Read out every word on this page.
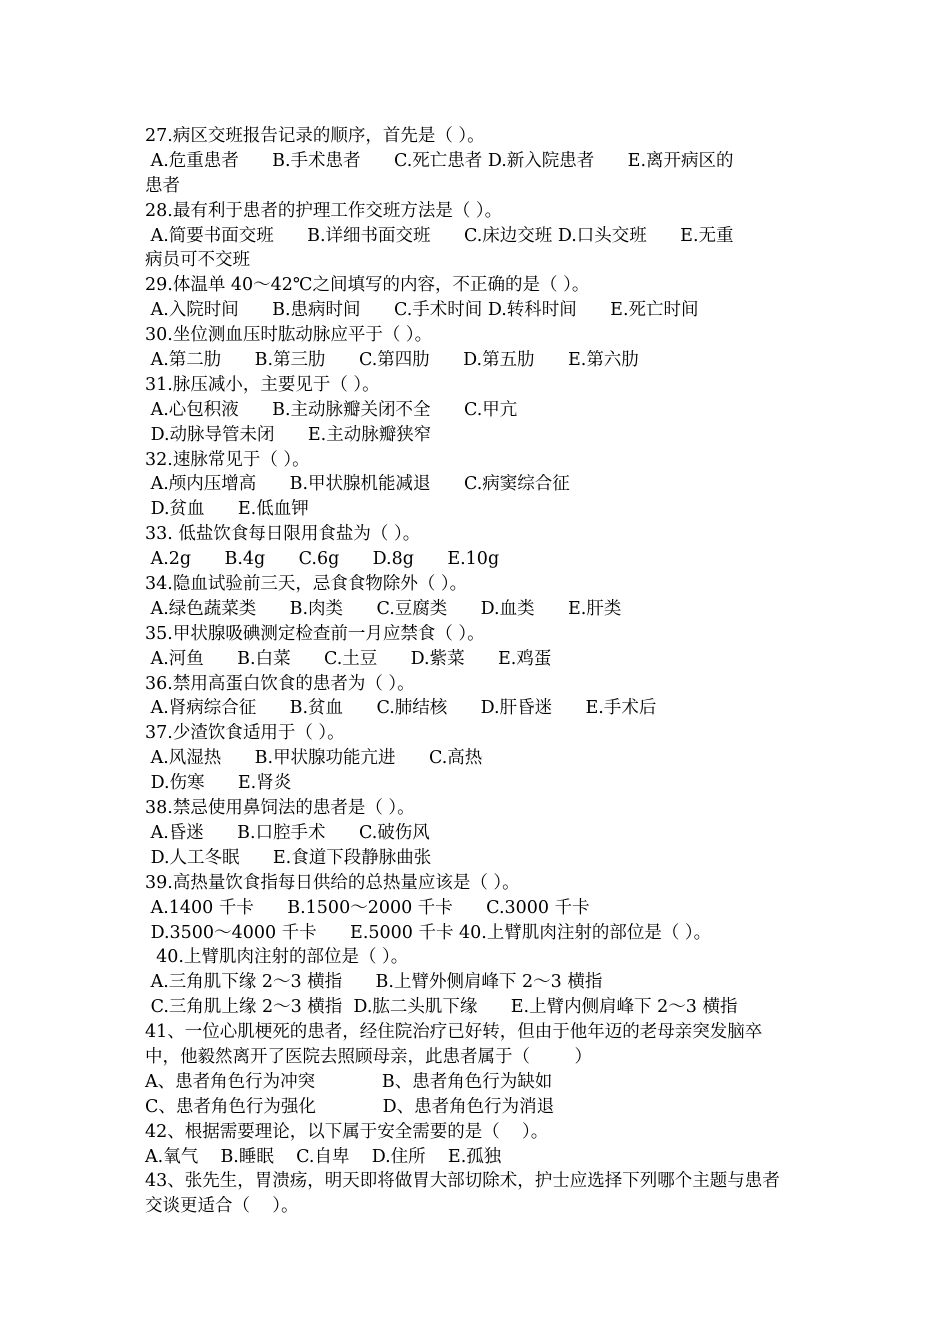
27.病区交班报告记录的顺序，首先是（ ）。
A.危重患者      B.手术患者      C.死亡患者 D.新入院患者      E.离开病区的
患者
28.最有利于患者的护理工作交班方法是（ ）。
A.简要书面交班      B.详细书面交班      C.床边交班 D.口头交班      E.无重
病员可不交班
29.体温单 40～42℃之间填写的内容，不正确的是（ ）。
A.入院时间      B.患病时间      C.手术时间 D.转科时间      E.死亡时间
30.坐位测血压时肱动脉应平于（ ）。
A.第二肋      B.第三肋      C.第四肋      D.第五肋      E.第六肋
31.脉压减小，主要见于（ ）。
A.心包积液      B.主动脉瓣关闭不全      C.甲亢
D.动脉导管未闭      E.主动脉瓣狭窄
32.速脉常见于（ ）。
A.颅内压增高      B.甲状腺机能减退      C.病窦综合征
D.贫血      E.低血钾
33. 低盐饮食每日限用食盐为（ ）。
A.2g      B.4g      C.6g      D.8g      E.10g
34.隐血试验前三天，忌食食物除外（ ）。
A.绿色蔬菜类      B.肉类      C.豆腐类      D.血类      E.肝类
35.甲状腺吸碘测定检查前一月应禁食（ ）。
A.河鱼      B.白菜      C.土豆      D.紫菜      E.鸡蛋
36.禁用高蛋白饮食的患者为（ ）。
A.肾病综合征      B.贫血      C.肺结核      D.肝昏迷      E.手术后
37.少渣饮食适用于（ ）。
A.风湿热      B.甲状腺功能亢进      C.高热
D.伤寒      E.肾炎
38.禁忌使用鼻饲法的患者是（ ）。
A.昏迷      B.口腔手术      C.破伤风
D.人工冬眠      E.食道下段静脉曲张
39.高热量饮食指每日供给的总热量应该是（ ）。
A.1400 千卡      B.1500～2000 千卡      C.3000 千卡
D.3500～4000 千卡      E.5000 千卡 40.上臂肌肉注射的部位是（ ）。
40.上臂肌肉注射的部位是（ ）。
A.三角肌下缘 2～3 横指      B.上臂外侧肩峰下 2～3 横指
C.三角肌上缘 2～3 横指  D.肱二头肌下缘      E.上臂内侧肩峰下 2～3 横指
41、一位心肌梗死的患者，经住院治疗已好转，但由于他年迈的老母亲突发脑卒
中，他毅然离开了医院去照顾母亲，此患者属于（        ）
A、患者角色行为冲突            B、患者角色行为缺如
C、患者角色行为强化            D、患者角色行为消退
42、根据需要理论，以下属于安全需要的是（    ）。
A.氧气    B.睡眠    C.自卑    D.住所    E.孤独
43、张先生，胃溃疡，明天即将做胃大部切除术，护士应选择下列哪个主题与患者
交谈更适合（    ）。
